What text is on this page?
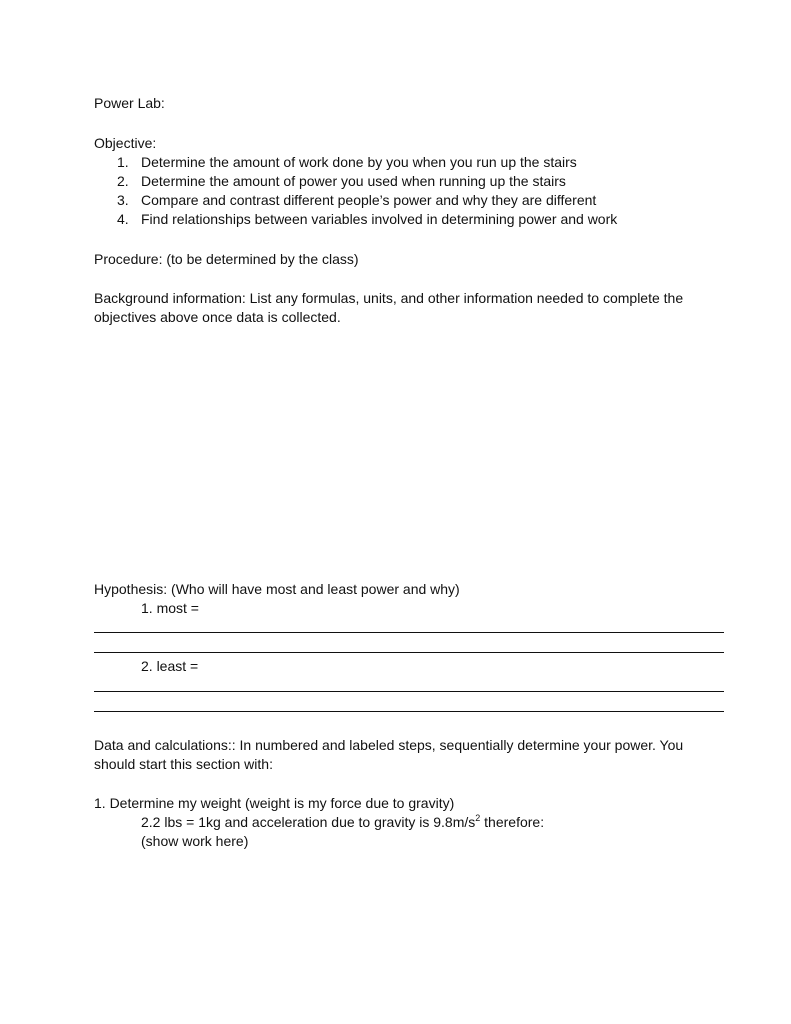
Power Lab:
Objective:
1. Determine the amount of work done by you when you run up the stairs
2. Determine the amount of power you used when running up the stairs
3. Compare and contrast different people’s power and why they are different
4. Find relationships between variables involved in determining power and work
Procedure: (to be determined by the class)
Background information: List any formulas, units, and other information needed to complete the
objectives above once data is collected.
Hypothesis: (Who will have most and least power and why)
1. most =
2. least =
Data and calculations:: In numbered and labeled steps, sequentially determine your power. You
should start this section with:
1. Determine my weight (weight is my force due to gravity)
2.2 lbs = 1kg and acceleration due to gravity is $9.8m/s^2$ therefore:
(show work here)
